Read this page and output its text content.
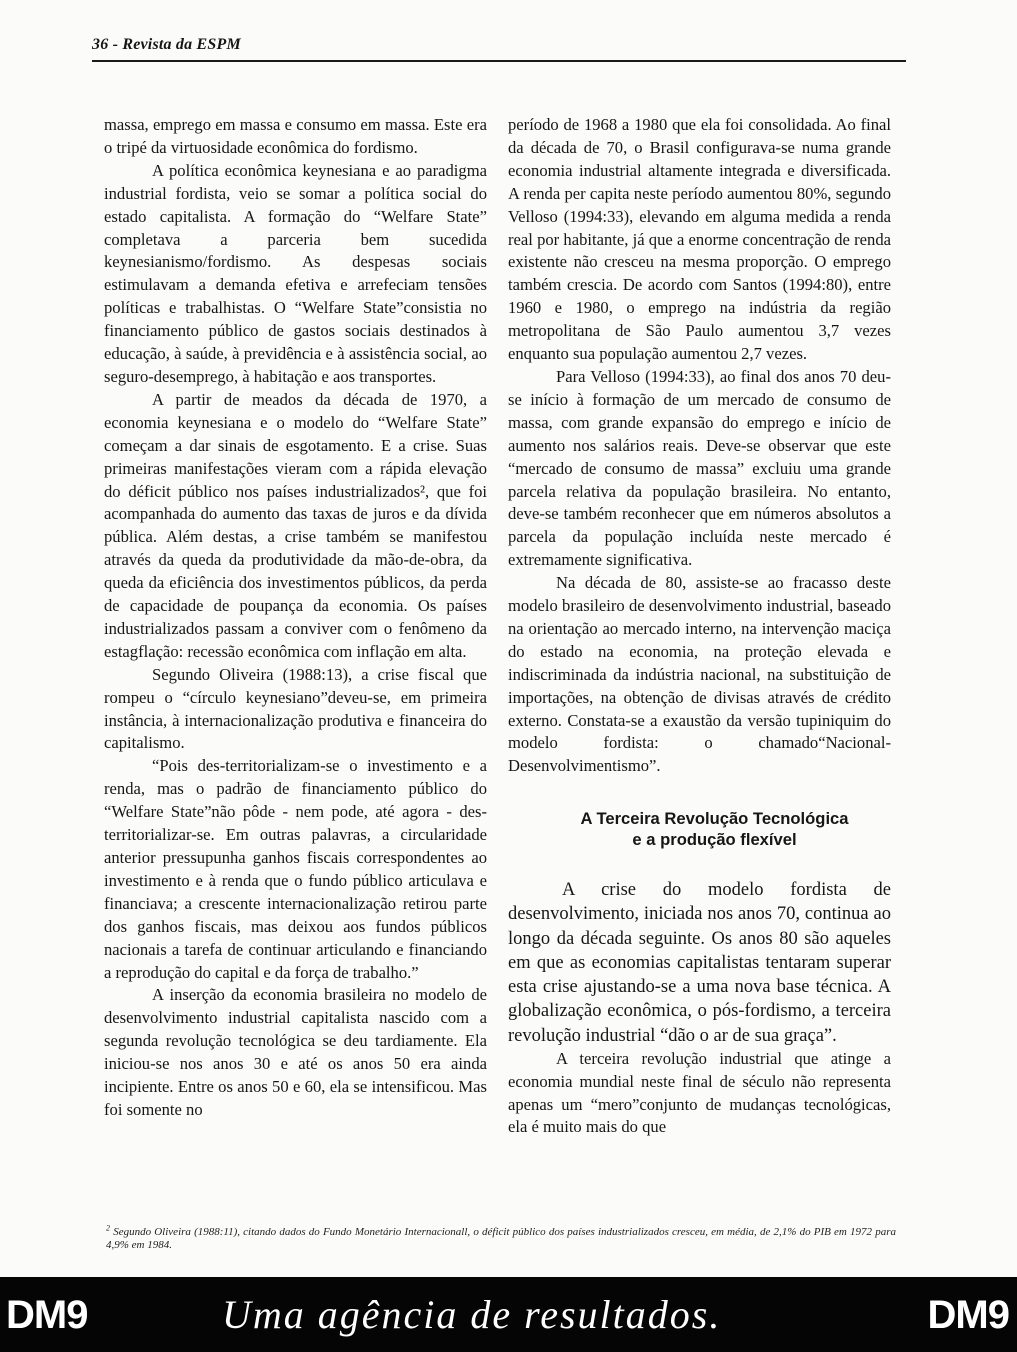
36 - Revista da ESPM

massa, emprego em massa e consumo em massa. Este era o tripé da virtuosidade econômica do fordismo.

A política econômica keynesiana e ao paradigma industrial fordista, veio se somar a política social do estado capitalista. A formação do “Welfare State” completava a parceria bem sucedida keynesianismo/fordismo. As despesas sociais estimulavam a demanda efetiva e arrefeciam tensões políticas e trabalhistas. O “Welfare State”consistia no financiamento público de gastos sociais destinados à educação, à saúde, à previdência e à assistência social, ao seguro-desemprego, à habitação e aos transportes.

A partir de meados da década de 1970, a economia keynesiana e o modelo do “Welfare State” começam a dar sinais de esgotamento. E a crise. Suas primeiras manifestações vieram com a rápida elevação do déficit público nos países industrializados², que foi acompanhada do aumento das taxas de juros e da dívida pública. Além destas, a crise também se manifestou através da queda da produtividade da mão-de-obra, da queda da eficiência dos investimentos públicos, da perda de capacidade de poupança da economia. Os países industrializados passam a conviver com o fenômeno da estagflação: recessão econômica com inflação em alta.

Segundo Oliveira (1988:13), a crise fiscal que rompeu o “círculo keynesiano”deveu-se, em primeira instância, à internacionalização produtiva e financeira do capitalismo.

“Pois des-territorializam-se o investimento e a renda, mas o padrão de financiamento público do “Welfare State”não pôde - nem pode, até agora - des-territorializar-se. Em outras palavras, a circularidade anterior pressupunha ganhos fiscais correspondentes ao investimento e à renda que o fundo público articulava e financiava; a crescente internacionalização retirou parte dos ganhos fiscais, mas deixou aos fundos públicos nacionais a tarefa de continuar articulando e financiando a reprodução do capital e da força de trabalho.”

A inserção da economia brasileira no modelo de desenvolvimento industrial capitalista nascido com a segunda revolução tecnológica se deu tardiamente. Ela iniciou-se nos anos 30 e até os anos 50 era ainda incipiente. Entre os anos 50 e 60, ela se intensificou. Mas foi somente no

período de 1968 a 1980 que ela foi consolidada. Ao final da década de 70, o Brasil configurava-se numa grande economia industrial altamente integrada e diversificada. A renda per capita neste período aumentou 80%, segundo Velloso (1994:33), elevando em alguma medida a renda real por habitante, já que a enorme concentração de renda existente não cresceu na mesma proporção. O emprego também crescia. De acordo com Santos (1994:80), entre 1960 e 1980, o emprego na indústria da região metropolitana de São Paulo aumentou 3,7 vezes enquanto sua população aumentou 2,7 vezes.

Para Velloso (1994:33), ao final dos anos 70 deu-se início à formação de um mercado de consumo de massa, com grande expansão do emprego e início de aumento nos salários reais. Deve-se observar que este “mercado de consumo de massa” excluiu uma grande parcela relativa da população brasileira. No entanto, deve-se também reconhecer que em números absolutos a parcela da população incluída neste mercado é extremamente significativa.

Na década de 80, assiste-se ao fracasso deste modelo brasileiro de desenvolvimento industrial, baseado na orientação ao mercado interno, na intervenção maciça do estado na economia, na proteção elevada e indiscriminada da indústria nacional, na substituição de importações, na obtenção de divisas através de crédito externo. Constata-se a exaustão da versão tupiniquim do modelo fordista: o chamado“Nacional- Desenvolvimentismo”.

A Terceira Revolução Tecnológica
e a produção flexível

A crise do modelo fordista de desenvolvimento, iniciada nos anos 70, continua ao longo da década seguinte. Os anos 80 são aqueles em que as economias capitalistas tentaram superar esta crise ajustando-se a uma nova base técnica. A globalização econômica, o pós-fordismo, a terceira revolução industrial “dão o ar de sua graça”.

A terceira revolução industrial que atinge a economia mundial neste final de século não representa apenas um “mero”conjunto de mudanças tecnológicas, ela é muito mais do que

$^2$ Segundo Oliveira (1988:11), citando dados do Fundo Monetário Internacionall, o déficit público dos países industrializados cresceu, em média, de 2,1% do PIB em 1972 para 4,9% em 1984.
DM9	Uma agência de resultados.	DM9
